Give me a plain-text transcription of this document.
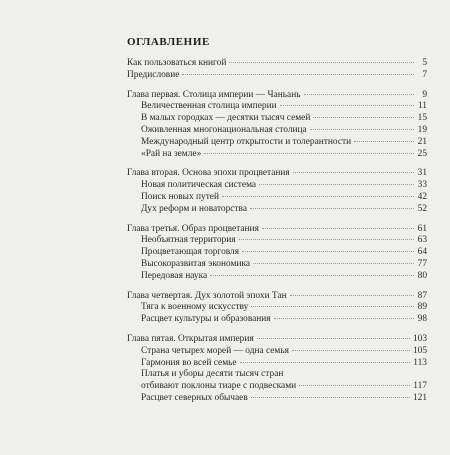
ОГЛАВЛЕНИЕ
Как пользоваться книгой	5
Предисловие	7
Глава первая. Столица империи — Чаньань	9
Величественная столица империи	11
В малых городках — десятки тысяч семей	15
Оживленная многонациональная столица	19
Международный центр открытости и толерантности	21
«Рай на земле»	25
Глава вторая. Основа эпохи процветания	31
Новая политическая система	33
Поиск новых путей	42
Дух реформ и новаторства	52
Глава третья. Образ процветания	61
Необъятная территория	63
Процветающая торговля	64
Высокоразвитая экономика	77
Передовая наука	80
Глава четвертая. Дух золотой эпохи Тан	87
Тяга к военному искусству	89
Расцвет культуры и образования	98
Глава пятая. Открытая империя	103
Страна четырех морей — одна семья	105
Гармония во всей семье	113
Платья и уборы десяти тысяч стран
отбивают поклоны тиаре с подвесками	117
Расцвет северных обычаев	121
